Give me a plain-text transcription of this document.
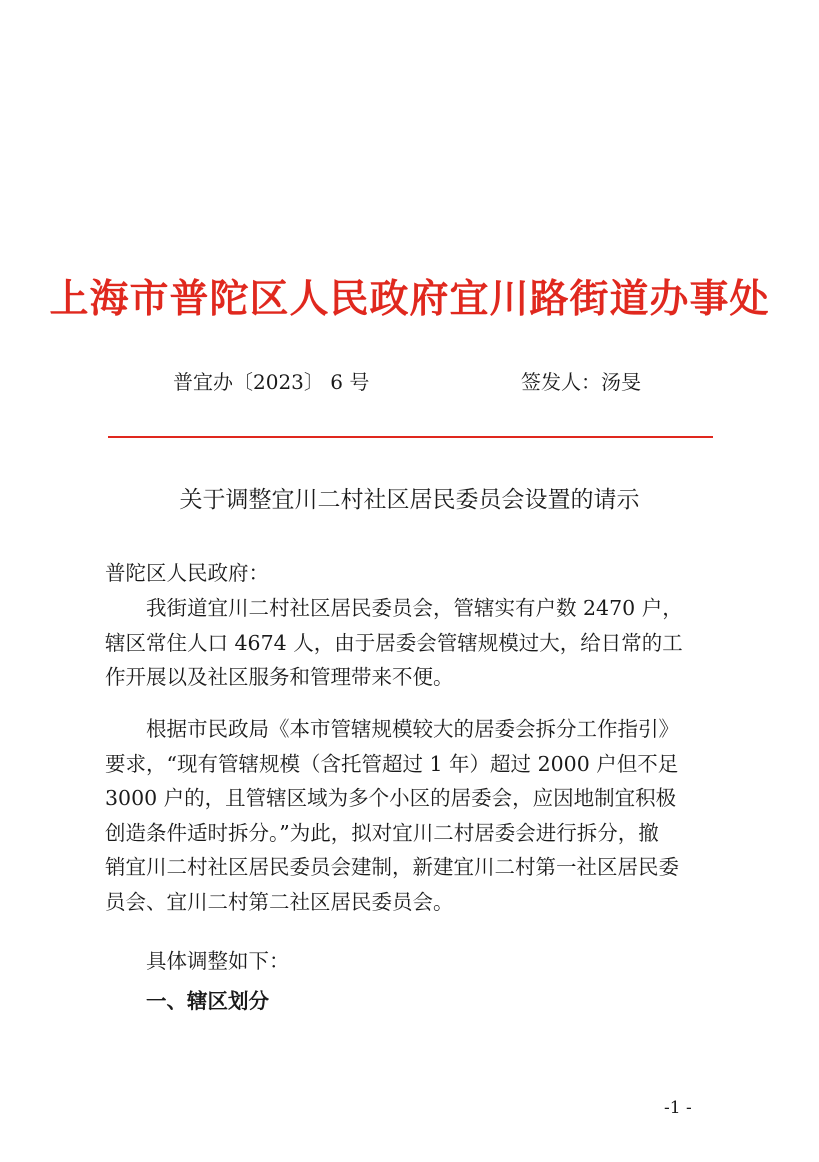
上海市普陀区人民政府宜川路街道办事处
普宜办〔2023〕 6 号	签发人：汤旻
关于调整宜川二村社区居民委员会设置的请示
普陀区人民政府：
　　我街道宜川二村社区居民委员会，管辖实有户数 2470 户，
辖区常住人口 4674 人，由于居委会管辖规模过大，给日常的工
作开展以及社区服务和管理带来不便。
　　根据市民政局《本市管辖规模较大的居委会拆分工作指引》
要求，“现有管辖规模（含托管超过 1 年）超过 2000 户但不足
3000 户的，且管辖区域为多个小区的居委会，应因地制宜积极
创造条件适时拆分。”为此，拟对宜川二村居委会进行拆分，撤
销宜川二村社区居民委员会建制，新建宜川二村第一社区居民委
员会、宜川二村第二社区居民委员会。
　　具体调整如下：
　　一、辖区划分
-1 -
